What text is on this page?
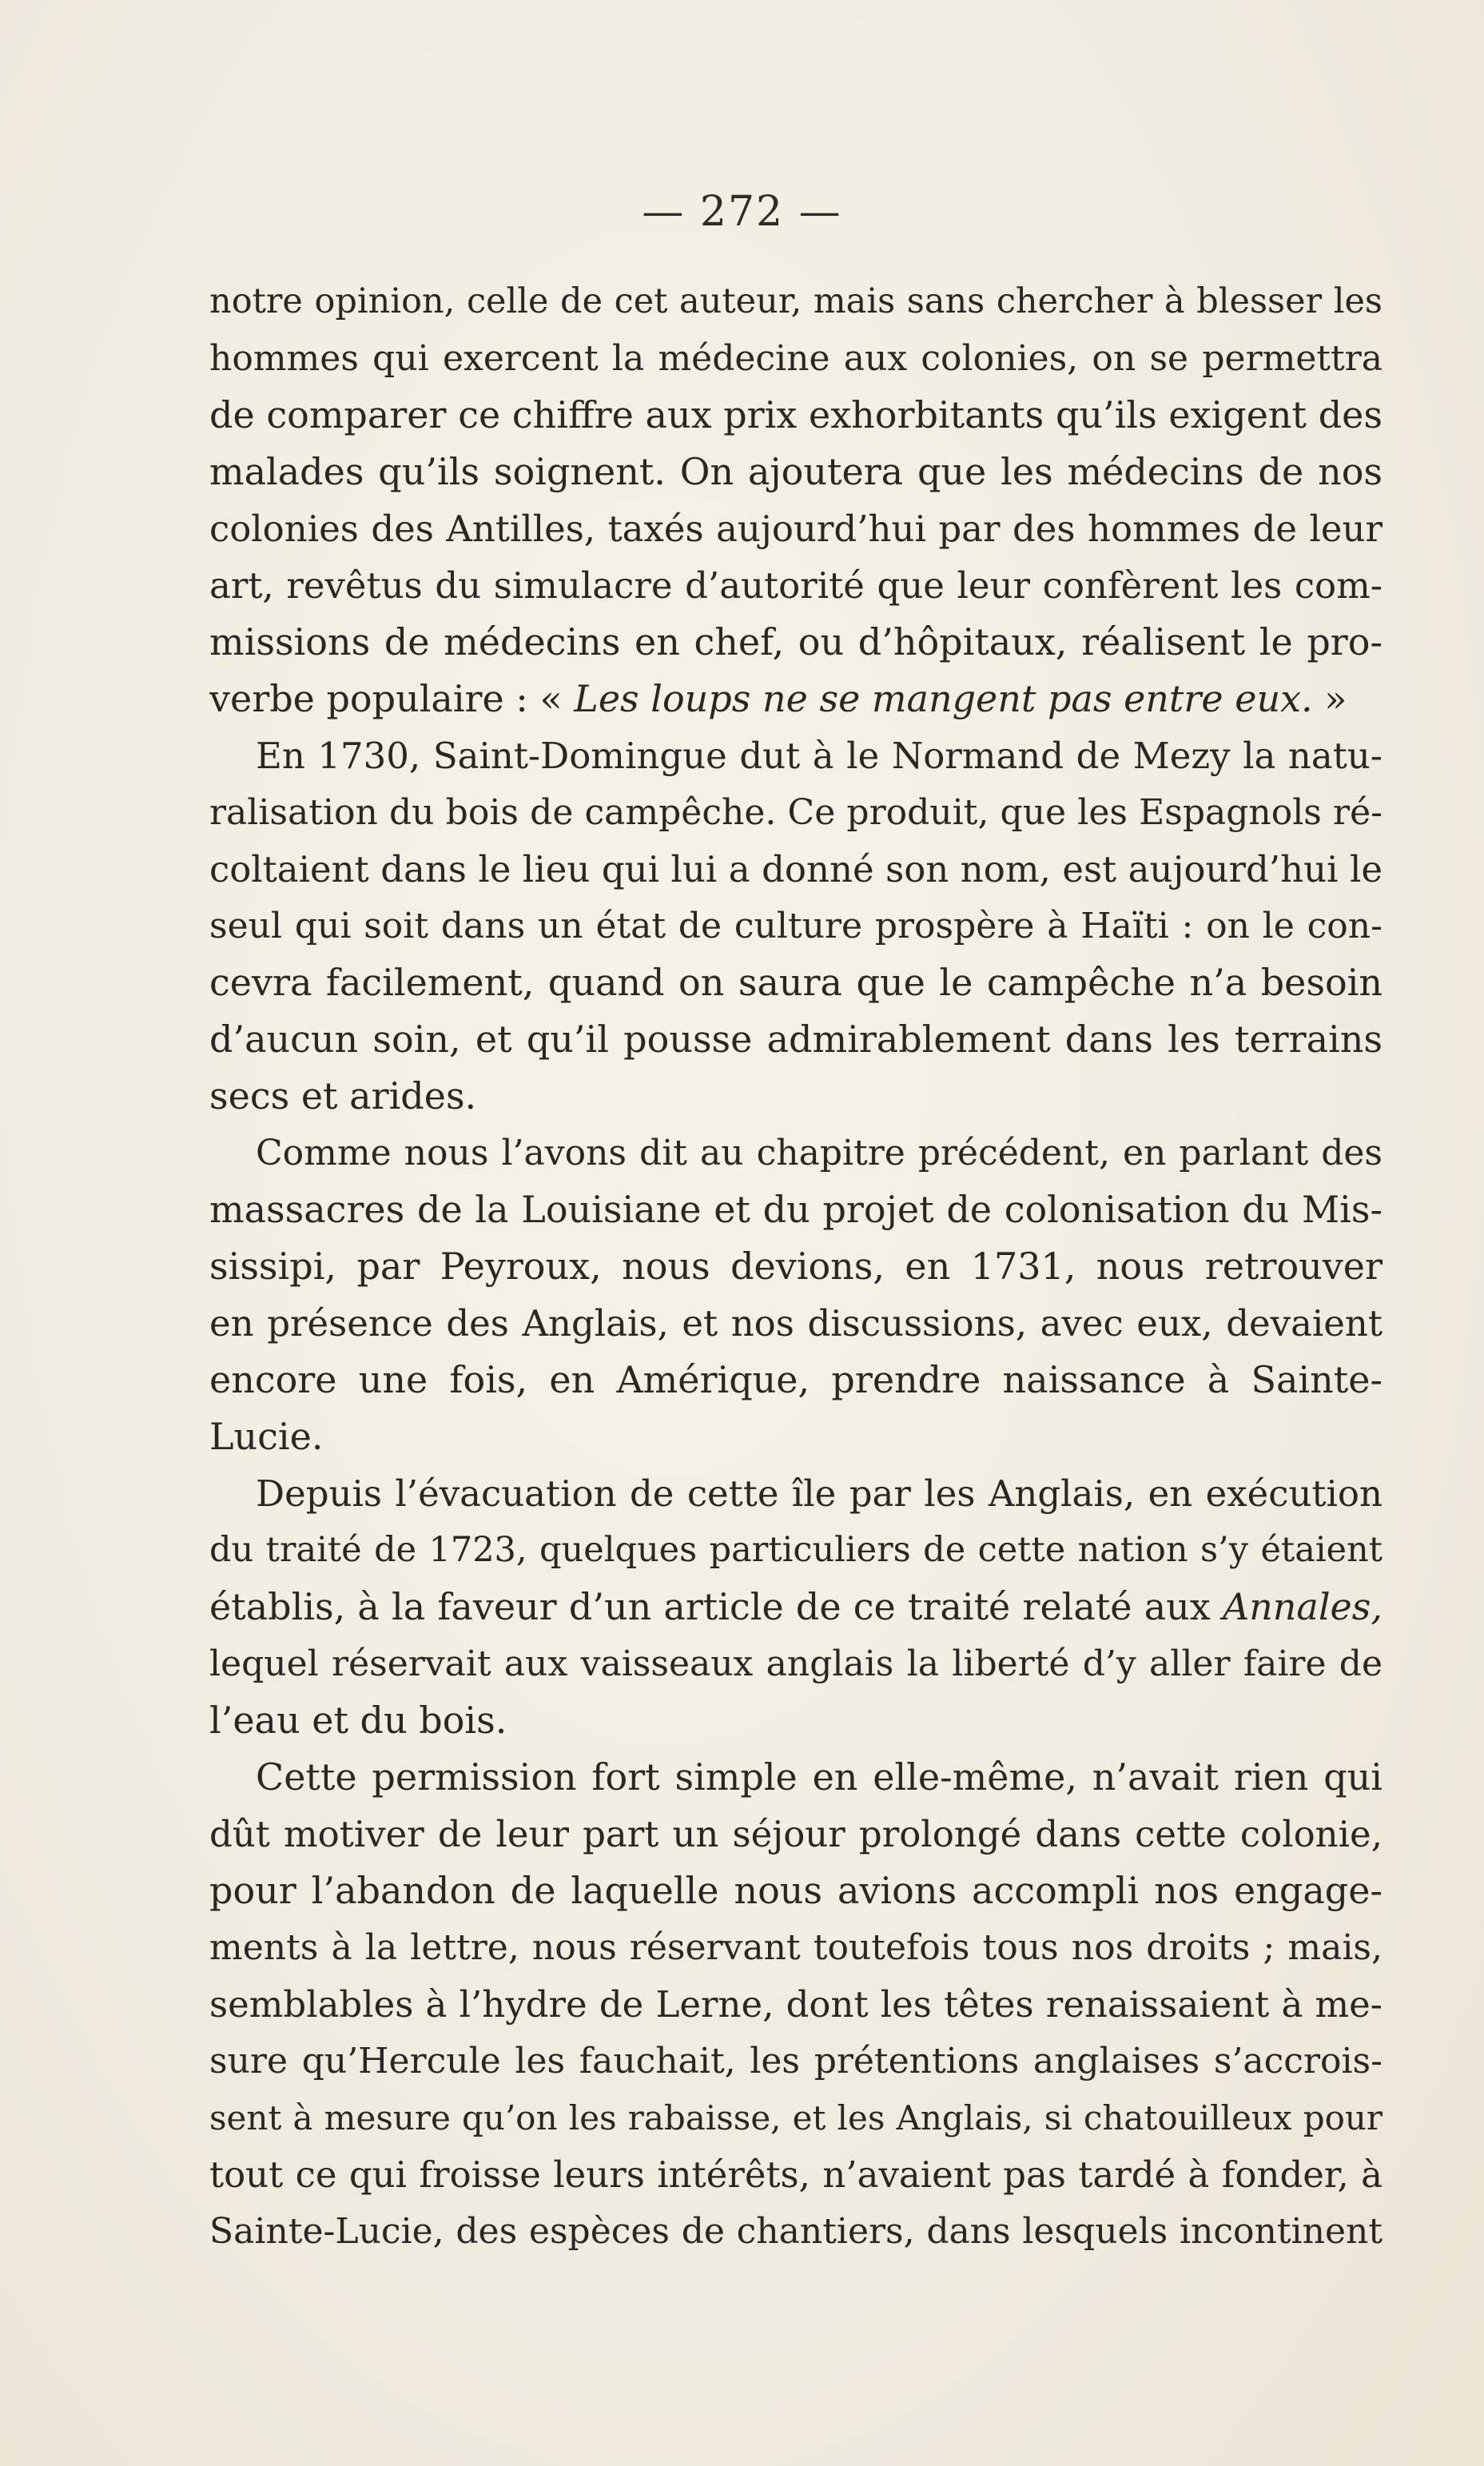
— 272 —
notre opinion, celle de cet auteur, mais sans chercher à blesser les
hommes qui exercent la médecine aux colonies, on se permettra
de comparer ce chiffre aux prix exhorbitants qu’ils exigent des
malades qu’ils soignent. On ajoutera que les médecins de nos
colonies des Antilles, taxés aujourd’hui par des hommes de leur
art, revêtus du simulacre d’autorité que leur confèrent les com-
missions de médecins en chef, ou d’hôpitaux, réalisent le pro-
verbe populaire : « Les loups ne se mangent pas entre eux. »
En 1730, Saint-Domingue dut à le Normand de Mezy la natu-
ralisation du bois de campêche. Ce produit, que les Espagnols ré-
coltaient dans le lieu qui lui a donné son nom, est aujourd’hui le
seul qui soit dans un état de culture prospère à Haïti : on le con-
cevra facilement, quand on saura que le campêche n’a besoin
d’aucun soin, et qu’il pousse admirablement dans les terrains
secs et arides.
Comme nous l’avons dit au chapitre précédent, en parlant des
massacres de la Louisiane et du projet de colonisation du Mis-
sissipi, par Peyroux, nous devions, en 1731, nous retrouver
en présence des Anglais, et nos discussions, avec eux, devaient
encore une fois, en Amérique, prendre naissance à Sainte-
Lucie.
Depuis l’évacuation de cette île par les Anglais, en exécution
du traité de 1723, quelques particuliers de cette nation s’y étaient
établis, à la faveur d’un article de ce traité relaté aux Annales,
lequel réservait aux vaisseaux anglais la liberté d’y aller faire de
l’eau et du bois.
Cette permission fort simple en elle-même, n’avait rien qui
dût motiver de leur part un séjour prolongé dans cette colonie,
pour l’abandon de laquelle nous avions accompli nos engage-
ments à la lettre, nous réservant toutefois tous nos droits ; mais,
semblables à l’hydre de Lerne, dont les têtes renaissaient à me-
sure qu’Hercule les fauchait, les prétentions anglaises s’accrois-
sent à mesure qu’on les rabaisse, et les Anglais, si chatouilleux pour
tout ce qui froisse leurs intérêts, n’avaient pas tardé à fonder, à
Sainte-Lucie, des espèces de chantiers, dans lesquels incontinent
